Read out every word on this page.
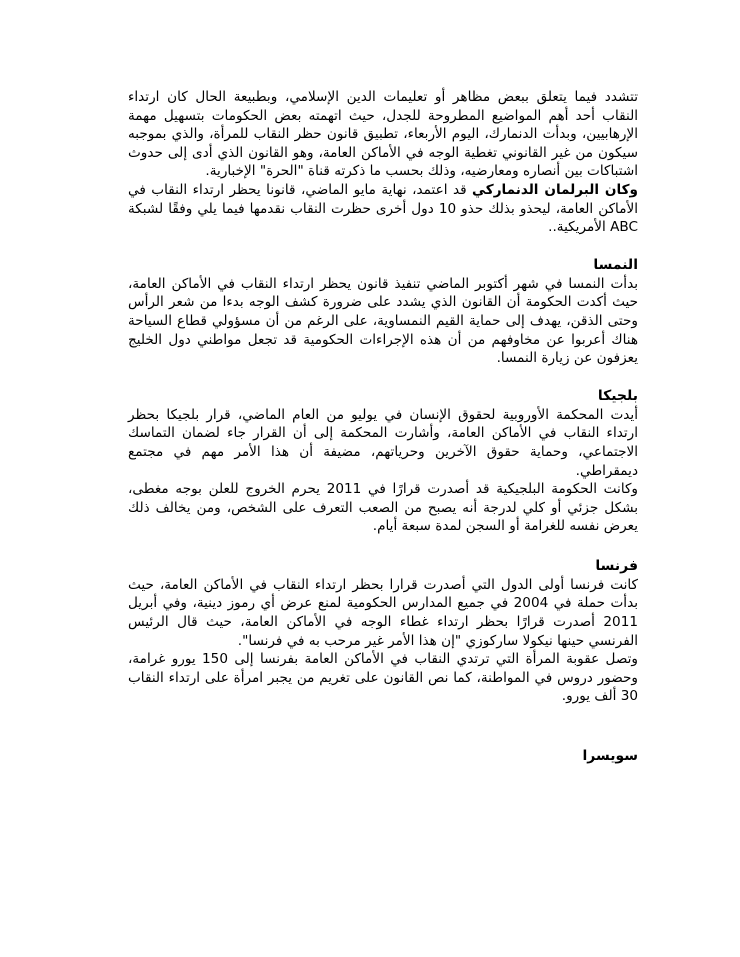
تتشدد فيما يتعلق ببعض مظاهر أو تعليمات الدين الإسلامي، وبطبيعة الحال كان ارتداء النقاب أحد أهم المواضيع المطروحة للجدل، حيث اتهمته بعض الحكومات بتسهيل مهمة الإرهابيين، وبدأت الدنمارك، اليوم الأربعاء، تطبيق قانون حظر النقاب للمرأة، والذي بموجبه سيكون من غير القانوني تغطية الوجه في الأماكن العامة، وهو القانون الذي أدى إلى حدوث اشتباكات بين أنصاره ومعارضيه، وذلك بحسب ما ذكرته قناة "الحرة" الإخبارية.

وكان البرلمان الدنماركي قد اعتمد، نهاية مايو الماضي، قانونا يحظر ارتداء النقاب في الأماكن العامة، ليحذو بذلك حذو 10 دول أخرى حظرت النقاب نقدمها فيما يلي وفقًا لشبكة ABC الأمريكية..

النمسا

بدأت النمسا في شهر أكتوبر الماضي تنفيذ قانون يحظر ارتداء النقاب في الأماكن العامة، حيث أكدت الحكومة أن القانون الذي يشدد على ضرورة كشف الوجه بدءا من شعر الرأس وحتى الذقن، يهدف إلى حماية القيم النمساوية، على الرغم من أن مسؤولي قطاع السياحة هناك أعربوا عن مخاوفهم من أن هذه الإجراءات الحكومية قد تجعل مواطني دول الخليج يعزفون عن زيارة النمسا.

بلجيكا

أيدت المحكمة الأوروبية لحقوق الإنسان في يوليو من العام الماضي، قرار بلجيكا بحظر ارتداء النقاب في الأماكن العامة، وأشارت المحكمة إلى أن القرار جاء لضمان التماسك الاجتماعي، وحماية حقوق الآخرين وحرياتهم، مضيفة أن هذا الأمر مهم في مجتمع ديمقراطي.

وكانت الحكومة البلجيكية قد أصدرت قرارًا في 2011 يحرم الخروج للعلن بوجه مغطى، بشكل جزئي أو كلي لدرجة أنه يصبح من الصعب التعرف على الشخص، ومن يخالف ذلك يعرض نفسه للغرامة أو السجن لمدة سبعة أيام.

فرنسا

كانت فرنسا أولى الدول التي أصدرت قرارا بحظر ارتداء النقاب في الأماكن العامة، حيث بدأت حملة في 2004 في جميع المدارس الحكومية لمنع عرض أي رموز دينية، وفي أبريل 2011 أصدرت قرارًا بحظر ارتداء غطاء الوجه في الأماكن العامة، حيث قال الرئيس الفرنسي حينها نيكولا ساركوزي "إن هذا الأمر غير مرحب به في فرنسا".

وتصل عقوبة المرأة التي ترتدي النقاب في الأماكن العامة بفرنسا إلى 150 يورو غرامة، وحضور دروس في المواطنة، كما نص القانون على تغريم من يجبر امرأة على ارتداء النقاب 30 ألف يورو.

سويسرا
